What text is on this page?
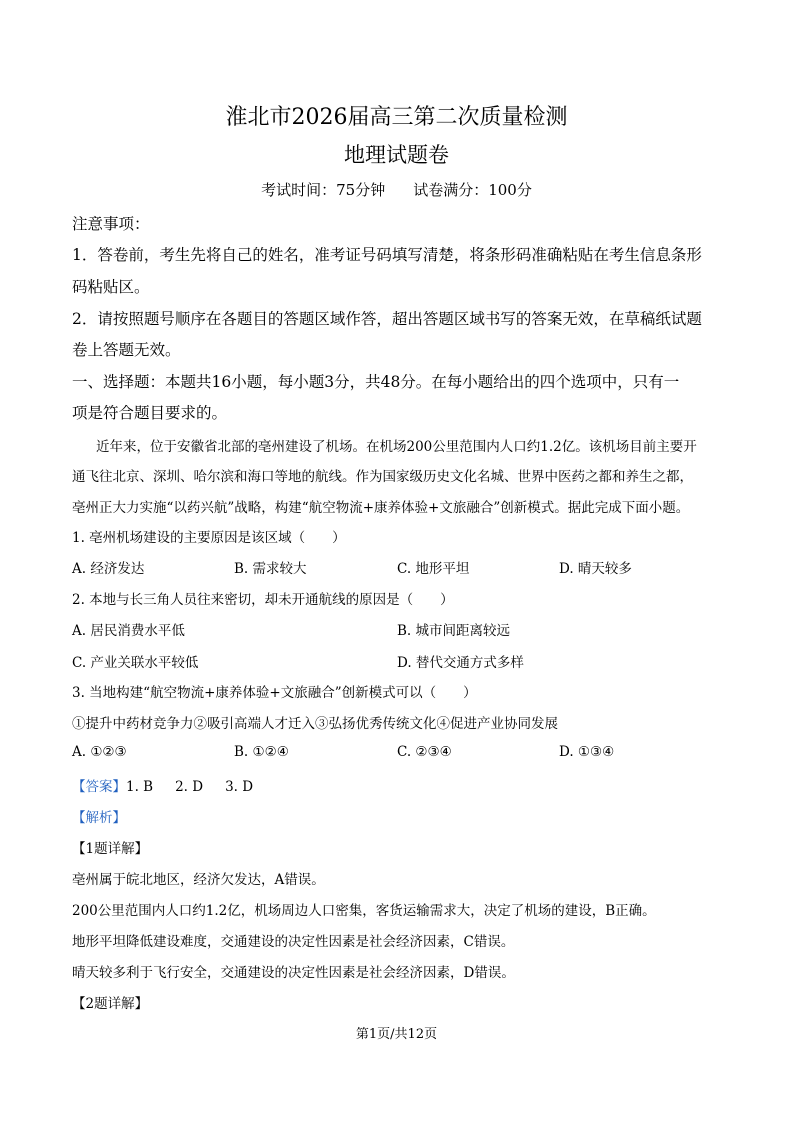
淮北市2026届高三第二次质量检测
地理试题卷
考试时间：75分钟 试卷满分：100分
注意事项：
1．答卷前，考生先将自己的姓名，准考证号码填写清楚，将条形码准确粘贴在考生信息条形
码粘贴区。
2．请按照题号顺序在各题目的答题区域作答，超出答题区域书写的答案无效，在草稿纸试题
卷上答题无效。
一、选择题：本题共16小题，每小题3分，共48分。在每小题给出的四个选项中，只有一
项是符合题目要求的。
近年来，位于安徽省北部的亳州建设了机场。在机场200公里范围内人口约1.2亿。该机场目前主要开
通飞往北京、深圳、哈尔滨和海口等地的航线。作为国家级历史文化名城、世界中医药之都和养生之都，
亳州正大力实施“以药兴航”战略，构建“航空物流+康养体验+文旅融合”创新模式。据此完成下面小题。
1. 亳州机场建设的主要原因是该区域（　　）
A. 经济发达	B. 需求较大	C. 地形平坦	D. 晴天较多
2. 本地与长三角人员往来密切，却未开通航线的原因是（　　）
A. 居民消费水平低	B. 城市间距离较远
C. 产业关联水平较低	D. 替代交通方式多样
3. 当地构建“航空物流+康养体验+文旅融合”创新模式可以（　　）
①提升中药材竞争力②吸引高端人才迁入③弘扬优秀传统文化④促进产业协同发展
A. ①②③	B. ①②④	C. ②③④	D. ①③④
【答案】1. B 2. D 3. D
【解析】
【1题详解】
亳州属于皖北地区，经济欠发达，A错误。
200公里范围内人口约1.2亿，机场周边人口密集，客货运输需求大，决定了机场的建设，B正确。
地形平坦降低建设难度，交通建设的决定性因素是社会经济因素，C错误。
晴天较多利于飞行安全，交通建设的决定性因素是社会经济因素，D错误。
【2题详解】
第1页/共12页
